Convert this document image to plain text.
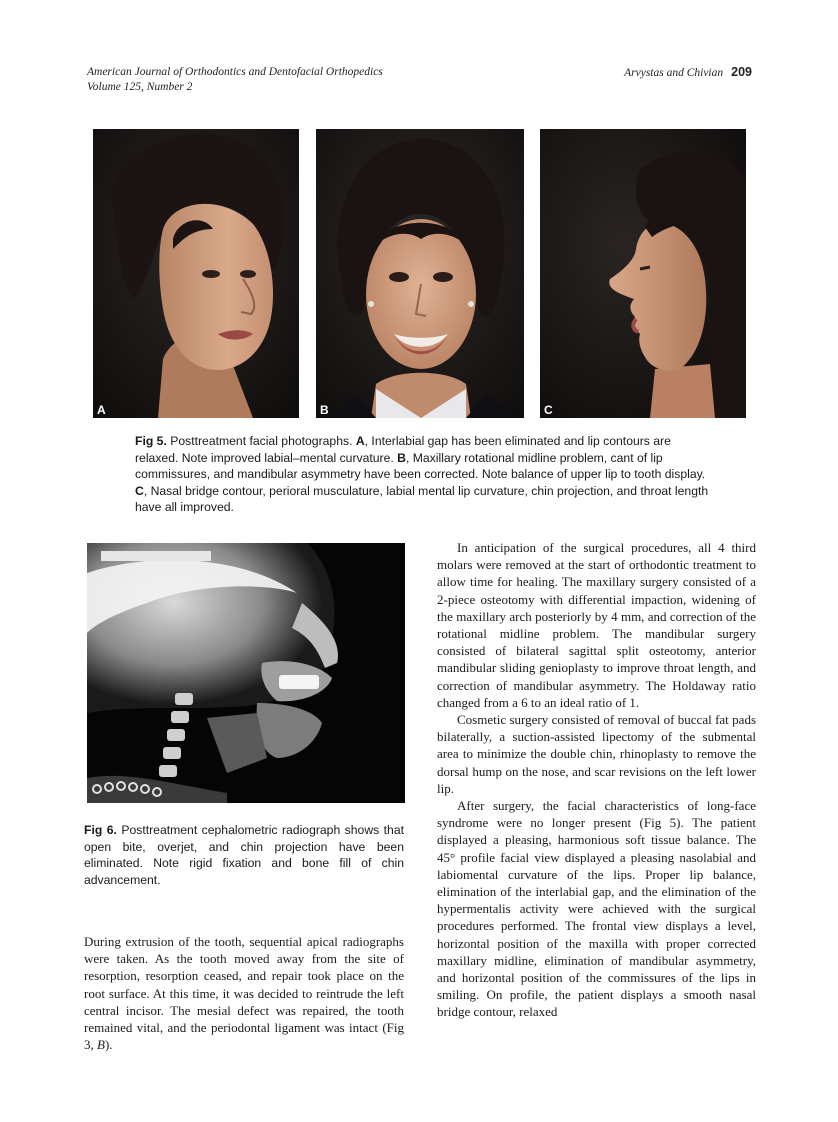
American Journal of Orthodontics and Dentofacial Orthopedics
Volume 125, Number 2
Arvystas and Chivian 209
A	B	C
Fig 5. Posttreatment facial photographs. A, Interlabial gap has been eliminated and lip contours are relaxed. Note improved labial–mental curvature. B, Maxillary rotational midline problem, cant of lip commissures, and mandibular asymmetry have been corrected. Note balance of upper lip to tooth display. C, Nasal bridge contour, perioral musculature, labial mental lip curvature, chin projection, and throat length have all improved.
Fig 6. Posttreatment cephalometric radiograph shows that open bite, overjet, and chin projection have been eliminated. Note rigid fixation and bone fill of chin advancement.

In anticipation of the surgical procedures, all 4 third molars were removed at the start of orthodontic treatment to allow time for healing. The maxillary surgery consisted of a 2-piece osteotomy with differential impaction, widening of the maxillary arch posteriorly by 4 mm, and correction of the rotational midline problem. The mandibular surgery consisted of bilateral sagittal split osteotomy, anterior mandibular sliding genioplasty to improve throat length, and correction of mandibular asymmetry. The Holdaway ratio changed from a 6 to an ideal ratio of 1.

Cosmetic surgery consisted of removal of buccal fat pads bilaterally, a suction-assisted lipectomy of the submental area to minimize the double chin, rhinoplasty to remove the dorsal hump on the nose, and scar revisions on the left lower lip.

After surgery, the facial characteristics of long-face syndrome were no longer present (Fig 5). The patient displayed a pleasing, harmonious soft tissue balance. The 45° profile facial view displayed a pleasing nasolabial and labiomental curvature of the lips. Proper lip balance, elimination of the interlabial gap, and the elimination of the hypermentalis activity were achieved with the surgical procedures performed. The frontal view displays a level, horizontal position of the maxilla with proper corrected maxillary midline, elimination of mandibular asymmetry, and horizontal position of the commissures of the lips in smiling. On profile, the patient displays a smooth nasal bridge contour, relaxed

During extrusion of the tooth, sequential apical radiographs were taken. As the tooth moved away from the site of resorption, resorption ceased, and repair took place on the root surface. At this time, it was decided to reintrude the left central incisor. The mesial defect was repaired, the tooth remained vital, and the periodontal ligament was intact (Fig 3, B).
